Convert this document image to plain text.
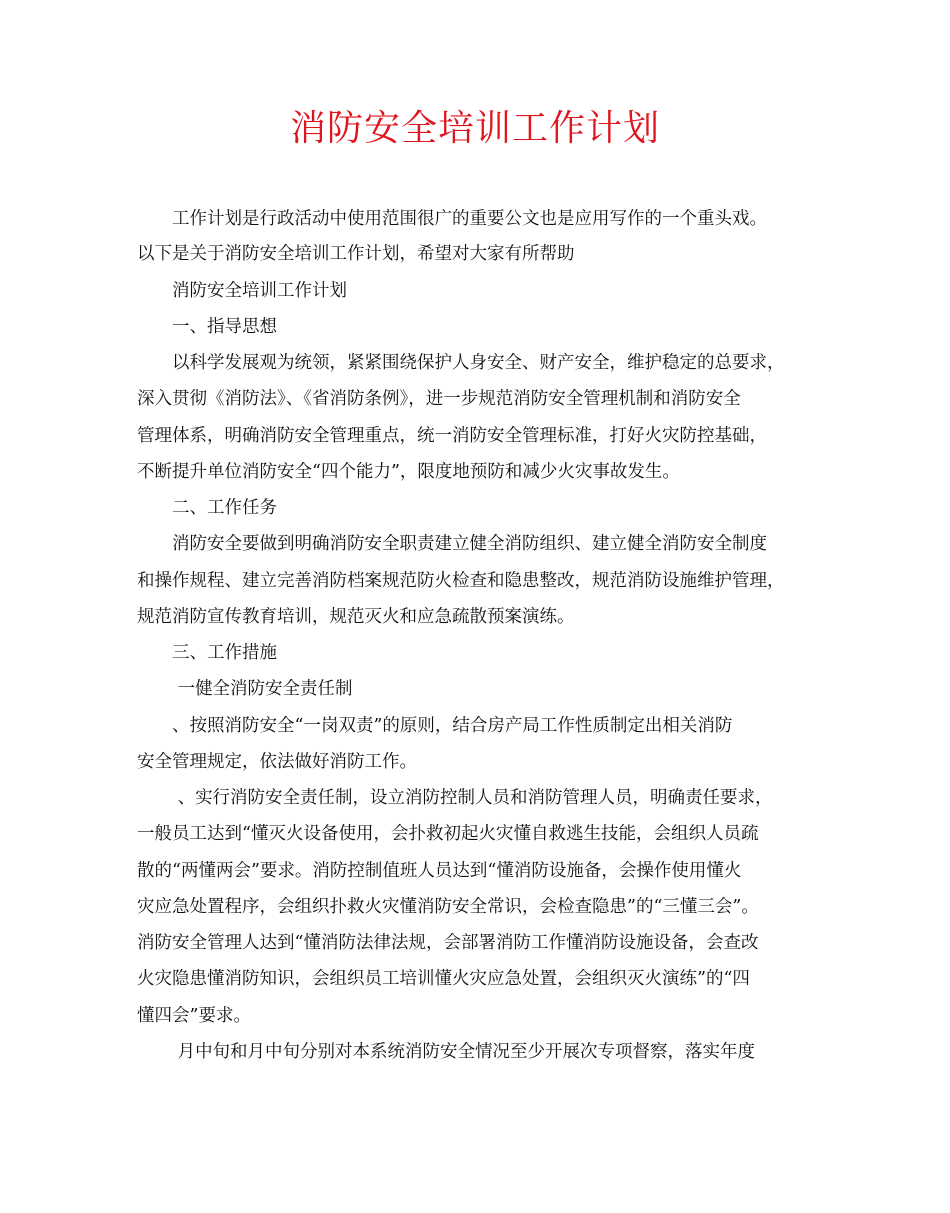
消防安全培训工作计划

　　工作计划是行政活动中使用范围很广的重要公文也是应用写作的一个重头戏。

以下是关于消防安全培训工作计划，希望对大家有所帮助

　　消防安全培训工作计划

　　一、指导思想

　　以科学发展观为统领，紧紧围绕保护人身安全、财产安全，维护稳定的总要求，

深入贯彻《消防法》、《省消防条例》，进一步规范消防安全管理机制和消防安全

管理体系，明确消防安全管理重点，统一消防安全管理标准，打好火灾防控基础，

不断提升单位消防安全“四个能力”，限度地预防和减少火灾事故发生。

　　二、工作任务

　　消防安全要做到明确消防安全职责建立健全消防组织、建立健全消防安全制度

和操作规程、建立完善消防档案规范防火检查和隐患整改，规范消防设施维护管理，

规范消防宣传教育培训，规范灭火和应急疏散预案演练。

　　三、工作措施

　　 一健全消防安全责任制

　　、按照消防安全“一岗双责”的原则，结合房产局工作性质制定出相关消防

安全管理规定，依法做好消防工作。

　　 、实行消防安全责任制，设立消防控制人员和消防管理人员，明确责任要求，

一般员工达到“懂灭火设备使用，会扑救初起火灾懂自救逃生技能，会组织人员疏

散的“两懂两会”要求。消防控制值班人员达到“懂消防设施备，会操作使用懂火

灾应急处置程序，会组织扑救火灾懂消防安全常识，会检查隐患”的“三懂三会”。

消防安全管理人达到“懂消防法律法规，会部署消防工作懂消防设施设备，会查改

火灾隐患懂消防知识，会组织员工培训懂火灾应急处置，会组织灭火演练”的“四

懂四会”要求。

　　 月中旬和月中旬分别对本系统消防安全情况至少开展次专项督察，落实年度
